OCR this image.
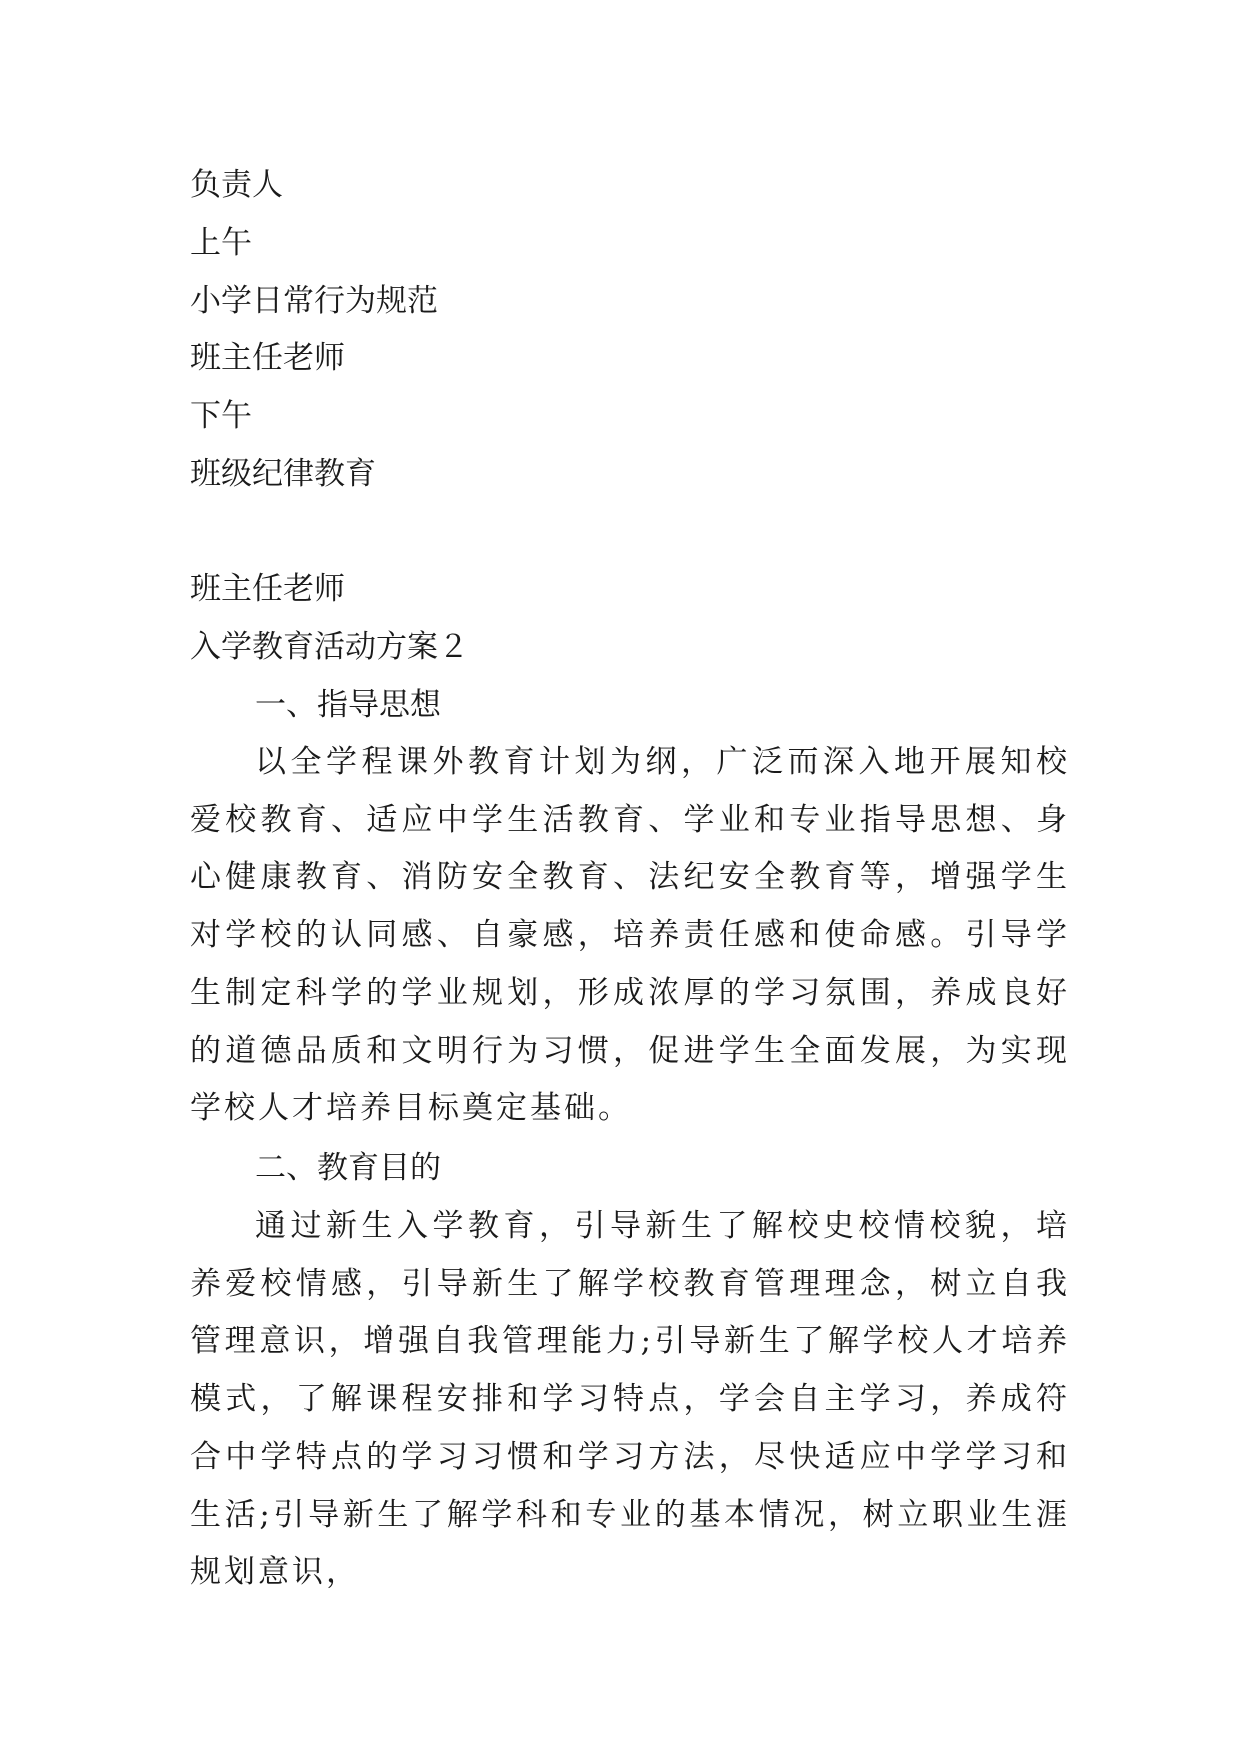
负责人
上午
小学日常行为规范
班主任老师
下午
班级纪律教育
班主任老师
入学教育活动方案２
一、指导思想

以全学程课外教育计划为纲，广泛而深入地开展知校爱校教育、适应中学生活教育、学业和专业指导思想、身心健康教育、消防安全教育、法纪安全教育等，增强学生对学校的认同感、自豪感，培养责任感和使命感。引导学生制定科学的学业规划，形成浓厚的学习氛围，养成良好的道德品质和文明行为习惯，促进学生全面发展，为实现学校人才培养目标奠定基础。

二、教育目的

通过新生入学教育，引导新生了解校史校情校貌，培养爱校情感，引导新生了解学校教育管理理念，树立自我管理意识，增强自我管理能力;引导新生了解学校人才培养模式，了解课程安排和学习特点，学会自主学习，养成符合中学特点的学习习惯和学习方法，尽快适应中学学习和生活;引导新生了解学科和专业的基本情况，树立职业生涯规划意识，
